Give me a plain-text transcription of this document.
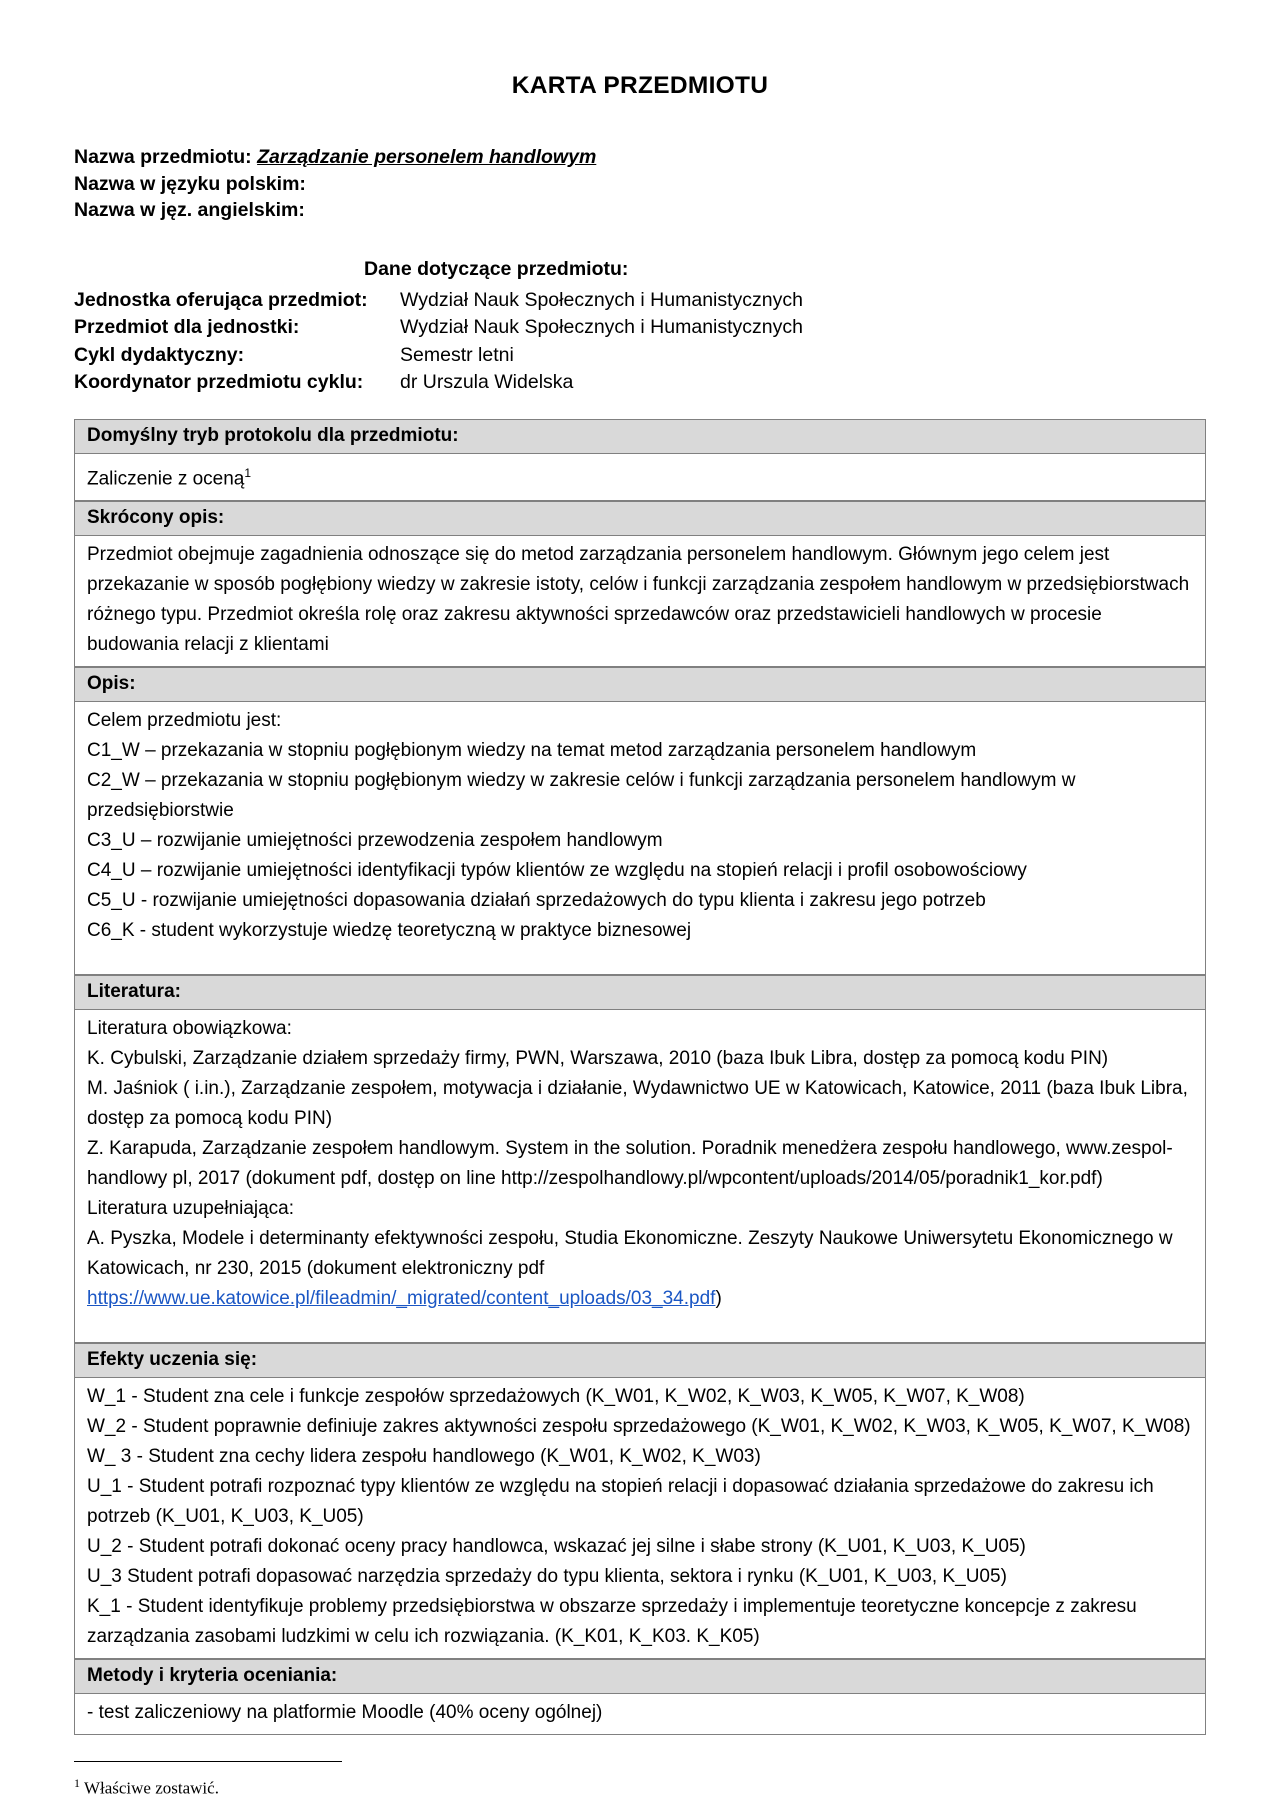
KARTA PRZEDMIOTU
Nazwa przedmiotu: Zarządzanie personelem handlowym
Nazwa w języku polskim:
Nazwa w jęz. angielskim:
Dane dotyczące przedmiotu:
Jednostka oferująca przedmiot:	Wydział Nauk Społecznych i Humanistycznych
Przedmiot dla jednostki:	Wydział Nauk Społecznych i Humanistycznych
Cykl dydaktyczny:	Semestr letni
Koordynator przedmiotu cyklu:	dr Urszula Widelska
Domyślny tryb protokolu dla przedmiotu:

Zaliczenie z oceną$^1$

Skrócony opis:

Przedmiot obejmuje zagadnienia odnoszące się do metod zarządzania personelem handlowym. Głównym jego celem jest przekazanie w sposób pogłębiony wiedzy w zakresie istoty, celów i funkcji zarządzania zespołem handlowym w przedsiębiorstwach różnego typu. Przedmiot określa rolę oraz zakresu aktywności sprzedawców oraz przedstawicieli handlowych w procesie budowania relacji z klientami

Opis:

Celem przedmiotu jest:

C1_W – przekazania w stopniu pogłębionym wiedzy na temat metod zarządzania personelem handlowym

C2_W – przekazania w stopniu pogłębionym wiedzy w zakresie celów i funkcji zarządzania personelem handlowym w przedsiębiorstwie

C3_U – rozwijanie umiejętności przewodzenia zespołem handlowym

C4_U – rozwijanie umiejętności identyfikacji typów klientów ze względu na stopień relacji i profil osobowościowy

C5_U - rozwijanie umiejętności dopasowania działań sprzedażowych do typu klienta i zakresu jego potrzeb

C6_K - student wykorzystuje wiedzę teoretyczną w praktyce biznesowej

Literatura:

Literatura obowiązkowa:

K. Cybulski, Zarządzanie działem sprzedaży firmy, PWN, Warszawa, 2010 (baza Ibuk Libra, dostęp za pomocą kodu PIN)

M. Jaśniok ( i.in.), Zarządzanie zespołem, motywacja i działanie, Wydawnictwo UE w Katowicach, Katowice, 2011 (baza Ibuk Libra, dostęp za pomocą kodu PIN)

Z. Karapuda, Zarządzanie zespołem handlowym. System in the solution. Poradnik menedżera zespołu handlowego, www.zespol-handlowy pl, 2017 (dokument pdf, dostęp on line http://zespolhandlowy.pl/wpcontent/uploads/2014/05/poradnik1_kor.pdf)

Literatura uzupełniająca:

A. Pyszka, Modele i determinanty efektywności zespołu, Studia Ekonomiczne. Zeszyty Naukowe Uniwersytetu Ekonomicznego w Katowicach, nr 230, 2015 (dokument elektroniczny pdf

https://www.ue.katowice.pl/fileadmin/_migrated/content_uploads/03_34.pdf)

Efekty uczenia się:

W_1 - Student zna cele i funkcje zespołów sprzedażowych (K_W01, K_W02, K_W03, K_W05, K_W07, K_W08)

W_2 - Student poprawnie definiuje zakres aktywności zespołu sprzedażowego (K_W01, K_W02, K_W03, K_W05, K_W07, K_W08)

W_ 3 - Student zna cechy lidera zespołu handlowego (K_W01, K_W02, K_W03)

U_1 - Student potrafi rozpoznać typy klientów ze względu na stopień relacji i dopasować działania sprzedażowe do zakresu ich potrzeb (K_U01, K_U03, K_U05)

U_2 - Student potrafi dokonać oceny pracy handlowca, wskazać jej silne i słabe strony (K_U01, K_U03, K_U05)

U_3 Student potrafi dopasować narzędzia sprzedaży do typu klienta, sektora i rynku (K_U01, K_U03, K_U05)

K_1 - Student identyfikuje problemy przedsiębiorstwa w obszarze sprzedaży i implementuje teoretyczne koncepcje z zakresu zarządzania zasobami ludzkimi w celu ich rozwiązania. (K_K01, K_K03. K_K05)

Metody i kryteria oceniania:

- test zaliczeniowy na platformie Moodle (40% oceny ogólnej)

$^1$ Właściwe zostawić.
